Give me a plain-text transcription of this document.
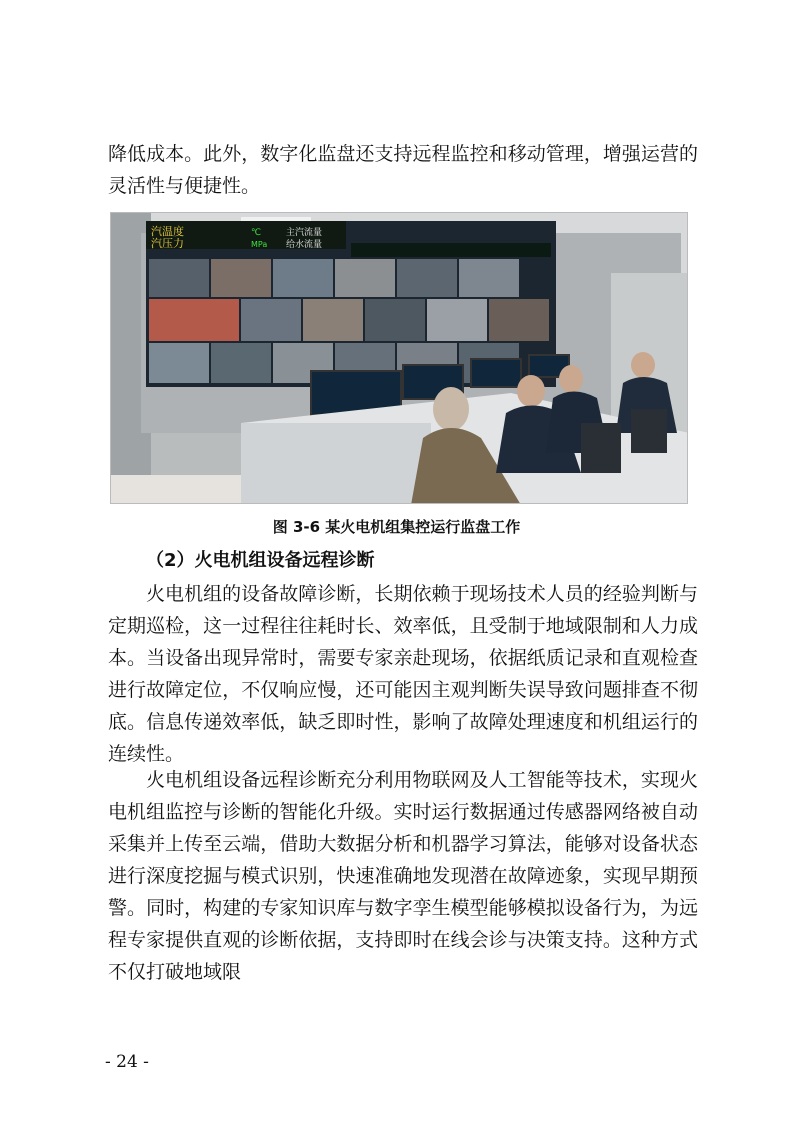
降低成本。此外，数字化监盘还支持远程监控和移动管理，增强运营的灵活性与便捷性。

汽温度
汽压力
℃
MPa
主汽流量
给水流量
图 3-6 某火电机组集控运行监盘工作
（2）火电机组设备远程诊断

火电机组的设备故障诊断，长期依赖于现场技术人员的经验判断与定期巡检，这一过程往往耗时长、效率低，且受制于地域限制和人力成本。当设备出现异常时，需要专家亲赴现场，依据纸质记录和直观检查进行故障定位，不仅响应慢，还可能因主观判断失误导致问题排查不彻底。信息传递效率低，缺乏即时性，影响了故障处理速度和机组运行的连续性。

火电机组设备远程诊断充分利用物联网及人工智能等技术，实现火电机组监控与诊断的智能化升级。实时运行数据通过传感器网络被自动采集并上传至云端，借助大数据分析和机器学习算法，能够对设备状态进行深度挖掘与模式识别，快速准确地发现潜在故障迹象，实现早期预警。同时，构建的专家知识库与数字孪生模型能够模拟设备行为，为远程专家提供直观的诊断依据，支持即时在线会诊与决策支持。这种方式不仅打破地域限

- 24 -
